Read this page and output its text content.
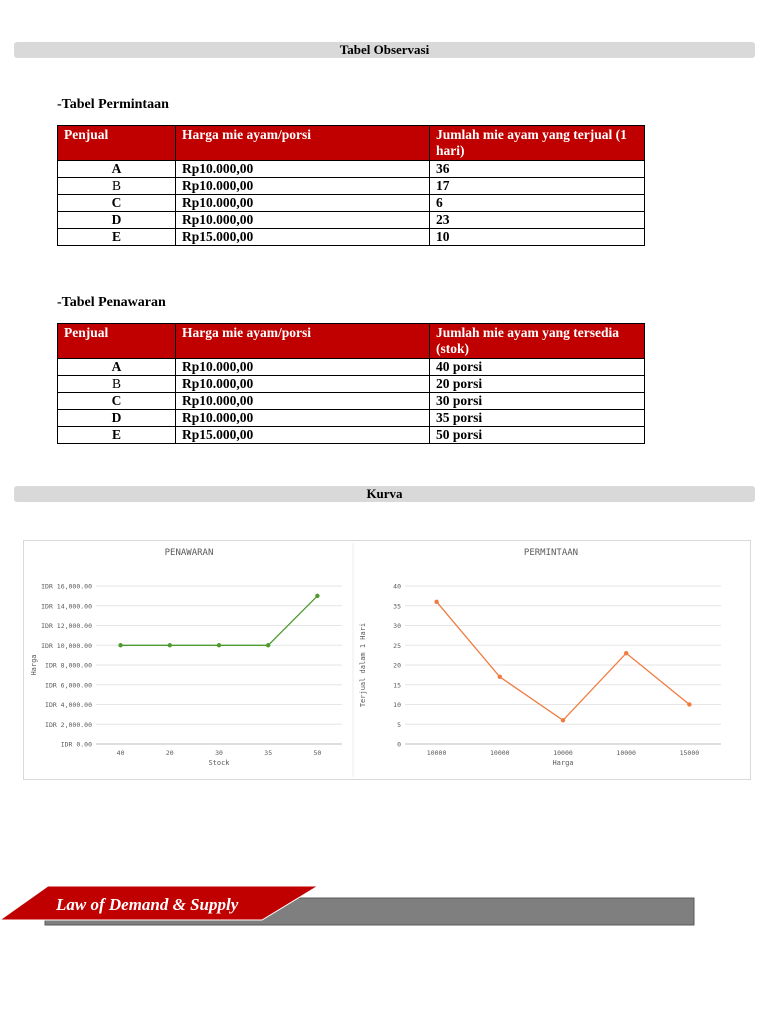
Tabel Observasi
-Tabel Permintaan
Penjual	Harga mie ayam/porsi	Jumlah mie ayam yang terjual (1 hari)
A	Rp10.000,00	36
B	Rp10.000,00	17
C	Rp10.000,00	6
D	Rp10.000,00	23
E	Rp15.000,00	10
-Tabel Penawaran
Penjual	Harga mie ayam/porsi	Jumlah mie ayam yang tersedia (stok)
A	Rp10.000,00	40 porsi
B	Rp10.000,00	20 porsi
C	Rp10.000,00	30 porsi
D	Rp10.000,00	35 porsi
E	Rp15.000,00	50 porsi
Kurva
PENAWARAN
IDR 0.00
IDR 2,000.00
IDR 4,000.00
IDR 6,000.00
IDR 8,000.00
IDR 10,000.00
IDR 12,000.00
IDR 14,000.00
IDR 16,000.00
40	20	30	35	50
Stock
Harga
PERMINTAAN
0
5
10
15
20
25
30
35
40
10000	10000	10000	10000	15000
Harga
Terjual dalam 1 Hari
Law of Demand & Supply
